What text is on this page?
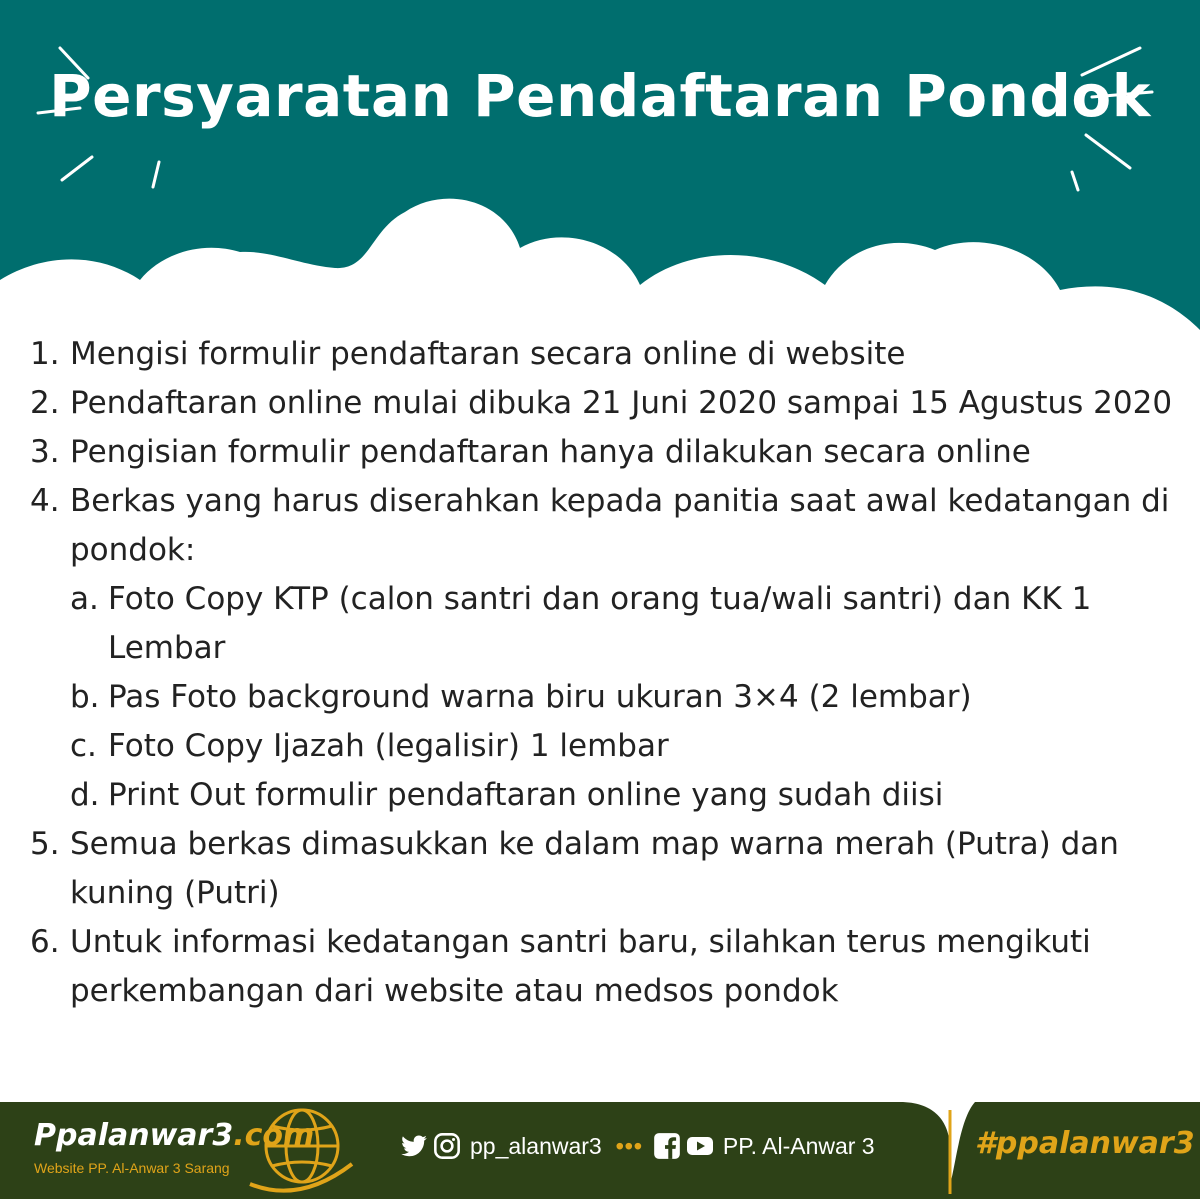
Persyaratan Pendaftaran Pondok
1. Mengisi formulir pendaftaran secara online di website
2. Pendaftaran online mulai dibuka 21 Juni 2020 sampai 15 Agustus 2020
3. Pengisian formulir pendaftaran hanya dilakukan secara online
4. Berkas yang harus diserahkan kepada panitia saat awal kedatangan di pondok:
a. Foto Copy KTP (calon santri dan orang tua/wali santri) dan KK 1 Lembar
b. Pas Foto background warna biru ukuran 3×4 (2 lembar)
c. Foto Copy Ijazah (legalisir) 1 lembar
d. Print Out formulir pendaftaran online yang sudah diisi
5. Semua berkas dimasukkan ke dalam map warna merah (Putra) dan kuning (Putri)
6. Untuk informasi kedatangan santri baru, silahkan terus mengikuti perkembangan dari website atau medsos pondok
Ppalanwar3.com
Website PP. Al-Anwar 3 Sarang
pp_alanwar3 •••	PP. Al-Anwar 3	#ppalanwar3
